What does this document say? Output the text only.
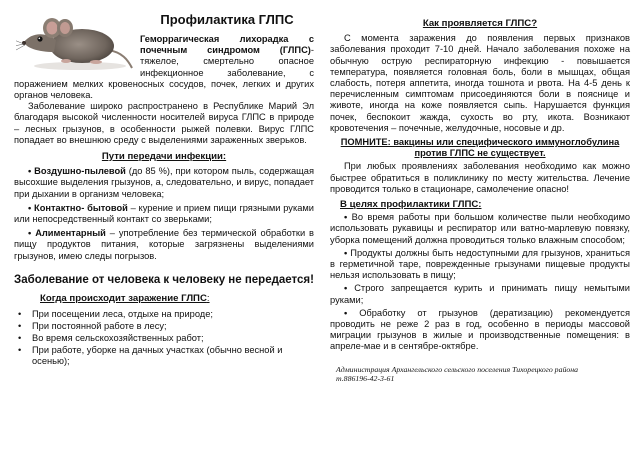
Профилактика ГЛПС

Геморрагическая лихорадка с почечным синдромом (ГЛПС)- тяжелое, смертельно опасное инфекционное заболевание, с поражением мелких кровеносных сосудов, почек, легких и других органов человека.

Заболевание широко распространено в Республике Марий Эл благодаря высокой численности носителей вируса ГЛПС в природе – лесных грызунов, в особенности рыжей полевки. Вирус ГЛПС попадает во внешнюю среду с выделениями зараженных зверьков.

Пути передачи инфекции:

• Воздушно-пылевой (до 85 %), при котором пыль, содержащая высохшие выделения грызунов, а, следовательно, и вирус, попадает при дыхании в организм человека;

• Контактно- бытовой – курение и прием пищи грязными руками или непосредственный контакт со зверьками;

• Алиментарный – употребление без термической обработки в пищу продуктов питания, которые загрязнены выделениями грызунов, имею следы погрызов.

Заболевание от человека к человеку не передается!
Когда происходит заражение ГЛПС:
• При посещении леса, отдыхе на природе;
• При постоянной работе в лесу;
• Во время сельскохозяйственных работ;
• При работе, уборке на дачных участках (обычно весной и осенью);
Как проявляется ГЛПС?

С момента заражения до появления первых признаков заболевания проходит 7-10 дней. Начало заболевания похоже на обычную острую респираторную инфекцию - повышается температура, появляется головная боль, боли в мышцах, общая слабость, потеря аппетита, иногда тошнота и рвота. На 4-5 день к перечисленным симптомам присоединяются боли в пояснице и животе, иногда на коже появляется сыпь. Нарушается функция почек, беспокоит жажда, сухость во рту, икота. Возникают кровотечения – почечные, желудочные, носовые и др.

ПОМНИТЕ: вакцины или специфического иммуноглобулина против ГЛПС не существует.

При любых проявлениях заболевания необходимо как можно быстрее обратиться в поликлинику по месту жительства. Лечение проводится только в стационаре, самолечение опасно!

В целях профилактики ГЛПС:

• Во время работы при большом количестве пыли необходимо использовать рукавицы и респиратор или ватно-марлевую повязку, уборка помещений должна проводиться только влажным способом;

• Продукты должны быть недоступными для грызунов, храниться в герметичной таре, поврежденные грызунами пищевые продукты нельзя использовать в пищу;

• Строго запрещается курить и принимать пищу немытыми руками;

• Обработку от грызунов (дератизацию) рекомендуется проводить не реже 2 раз в год, особенно в периоды массовой миграции грызунов в жилые и производственные помещения: в апреле-мае и в сентябре-октябре.

Администрация Архангельского сельского поселения Тихорецкого района
т.886196-42-3-61
